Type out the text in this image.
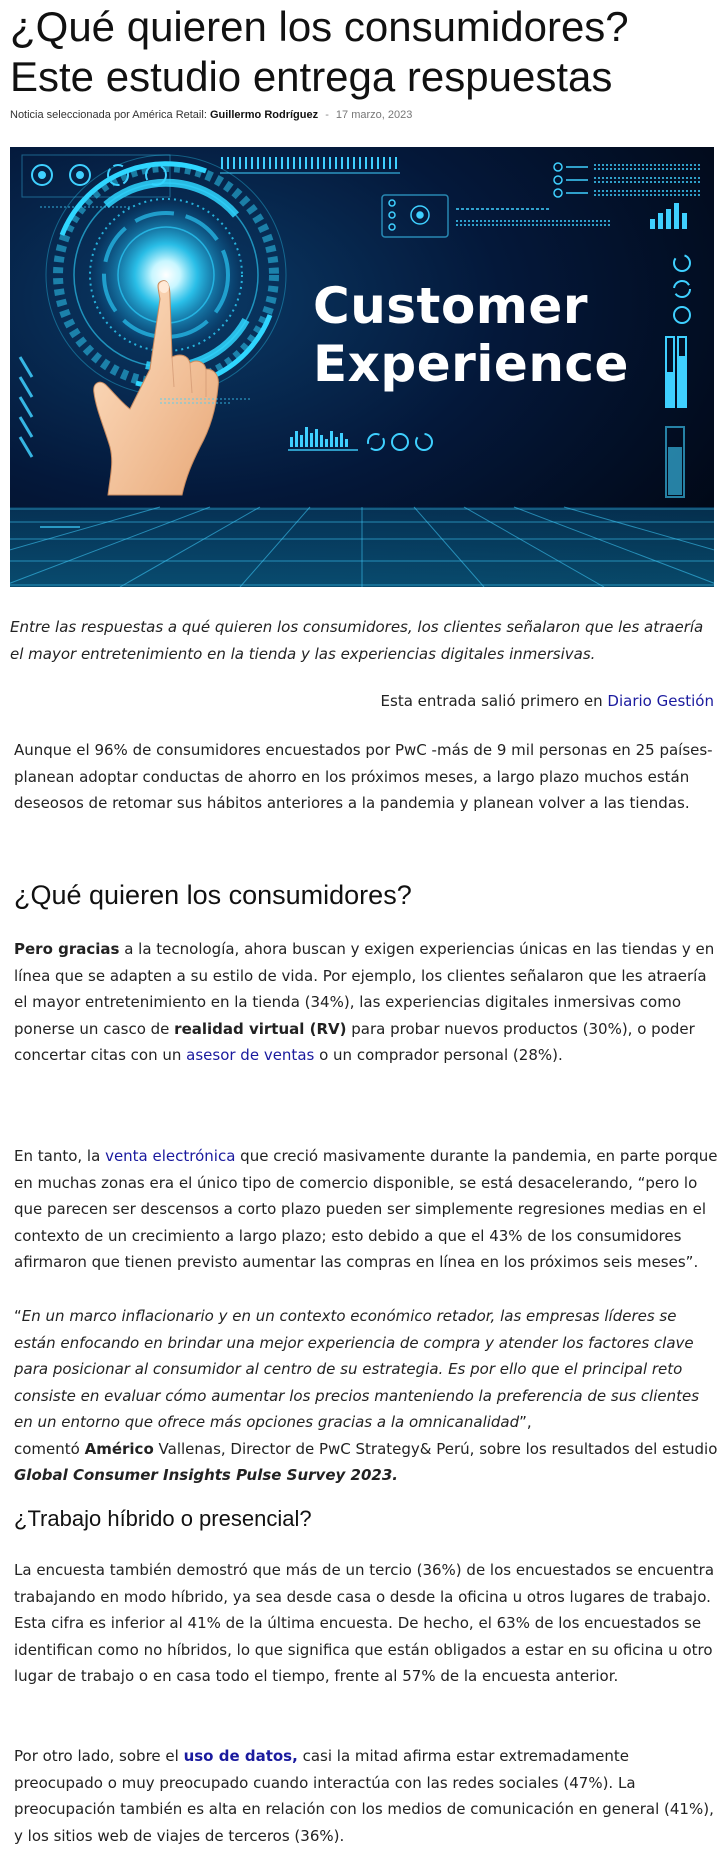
¿Qué quieren los consumidores?
Este estudio entrega respuestas
Noticia seleccionada por América Retail: Guillermo Rodríguez - 17 marzo, 2023
Customer
Experience

Entre las respuestas a qué quieren los consumidores, los clientes señalaron que les atraería el mayor entretenimiento en la tienda y las experiencias digitales inmersivas.

Esta entrada salió primero en Diario Gestión

Aunque el 96% de consumidores encuestados por PwC -más de 9 mil personas en 25 países- planean adoptar conductas de ahorro en los próximos meses, a largo plazo muchos están deseosos de retomar sus hábitos anteriores a la pandemia y planean volver a las tiendas.

¿Qué quieren los consumidores?

Pero gracias a la tecnología, ahora buscan y exigen experiencias únicas en las tiendas y en línea que se adapten a su estilo de vida. Por ejemplo, los clientes señalaron que les atraería el mayor entretenimiento en la tienda (34%), las experiencias digitales inmersivas como ponerse un casco de realidad virtual (RV) para probar nuevos productos (30%), o poder concertar citas con un asesor de ventas o un comprador personal (28%).

En tanto, la venta electrónica que creció masivamente durante la pandemia, en parte porque en muchas zonas era el único tipo de comercio disponible, se está desacelerando, “pero lo que parecen ser descensos a corto plazo pueden ser simplemente regresiones medias en el contexto de un crecimiento a largo plazo; esto debido a que el 43% de los consumidores afirmaron que tienen previsto aumentar las compras en línea en los próximos seis meses”.

“En un marco inflacionario y en un contexto económico retador, las empresas líderes se están enfocando en brindar una mejor experiencia de compra y atender los factores clave para posicionar al consumidor al centro de su estrategia. Es por ello que el principal reto consiste en evaluar cómo aumentar los precios manteniendo la preferencia de sus clientes en un entorno que ofrece más opciones gracias a la omnicanalidad”,
comentó Américo Vallenas, Director de PwC Strategy& Perú, sobre los resultados del estudio Global Consumer Insights Pulse Survey 2023.

¿Trabajo híbrido o presencial?

La encuesta también demostró que más de un tercio (36%) de los encuestados se encuentra trabajando en modo híbrido, ya sea desde casa o desde la oficina u otros lugares de trabajo. Esta cifra es inferior al 41% de la última encuesta. De hecho, el 63% de los encuestados se identifican como no híbridos, lo que significa que están obligados a estar en su oficina u otro lugar de trabajo o en casa todo el tiempo, frente al 57% de la encuesta anterior.

Por otro lado, sobre el uso de datos, casi la mitad afirma estar extremadamente preocupado o muy preocupado cuando interactúa con las redes sociales (47%). La preocupación también es alta en relación con los medios de comunicación en general (41%), y los sitios web de viajes de terceros (36%).
